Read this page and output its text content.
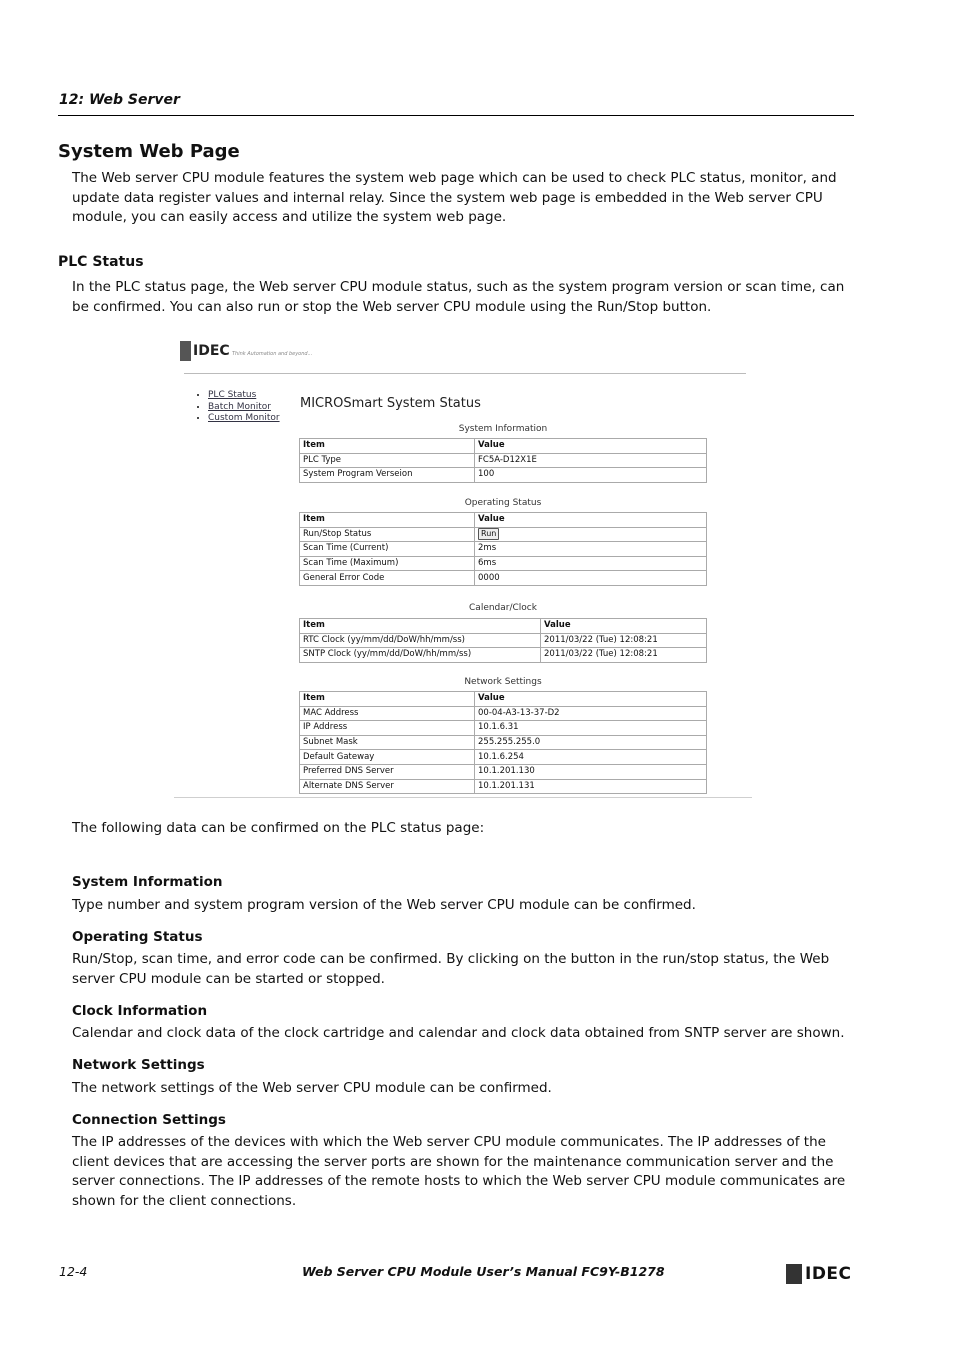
12: Web Server
System Web Page
The Web server CPU module features the system web page which can be used to check PLC status, monitor, and update data register values and internal relay. Since the system web page is embedded in the Web server CPU module, you can easily access and utilize the system web page.
PLC Status
In the PLC status page, the Web server CPU module status, such as the system program version or scan time, can be confirmed. You can also run or stop the Web server CPU module using the Run/Stop button.
IDEC Think Automation and beyond...
• PLC Status
• Batch Monitor
• Custom Monitor
MICROSmart System Status
System Information
Item	Value
PLC Type	FC5A-D12X1E
System Program Verseion	100
Operating Status
Item	Value
Run/Stop Status	Run
Scan Time (Current)	2ms
Scan Time (Maximum)	6ms
General Error Code	0000
Calendar/Clock
Item	Value
RTC Clock (yy/mm/dd/DoW/hh/mm/ss)	2011/03/22 (Tue) 12:08:21
SNTP Clock (yy/mm/dd/DoW/hh/mm/ss)	2011/03/22 (Tue) 12:08:21
Network Settings
Item	Value
MAC Address	00-04-A3-13-37-D2
IP Address	10.1.6.31
Subnet Mask	255.255.255.0
Default Gateway	10.1.6.254
Preferred DNS Server	10.1.201.130
Alternate DNS Server	10.1.201.131
The following data can be confirmed on the PLC status page:
System Information
Type number and system program version of the Web server CPU module can be confirmed.
Operating Status
Run/Stop, scan time, and error code can be confirmed. By clicking on the button in the run/stop status, the Web server CPU module can be started or stopped.
Clock Information
Calendar and clock data of the clock cartridge and calendar and clock data obtained from SNTP server are shown.
Network Settings
The network settings of the Web server CPU module can be confirmed.
Connection Settings
The IP addresses of the devices with which the Web server CPU module communicates. The IP addresses of the client devices that are accessing the server ports are shown for the maintenance communication server and the server connections. The IP addresses of the remote hosts to which the Web server CPU module communicates are shown for the client connections.
12-4	Web Server CPU Module User’s Manual FC9Y-B1278	IDEC
